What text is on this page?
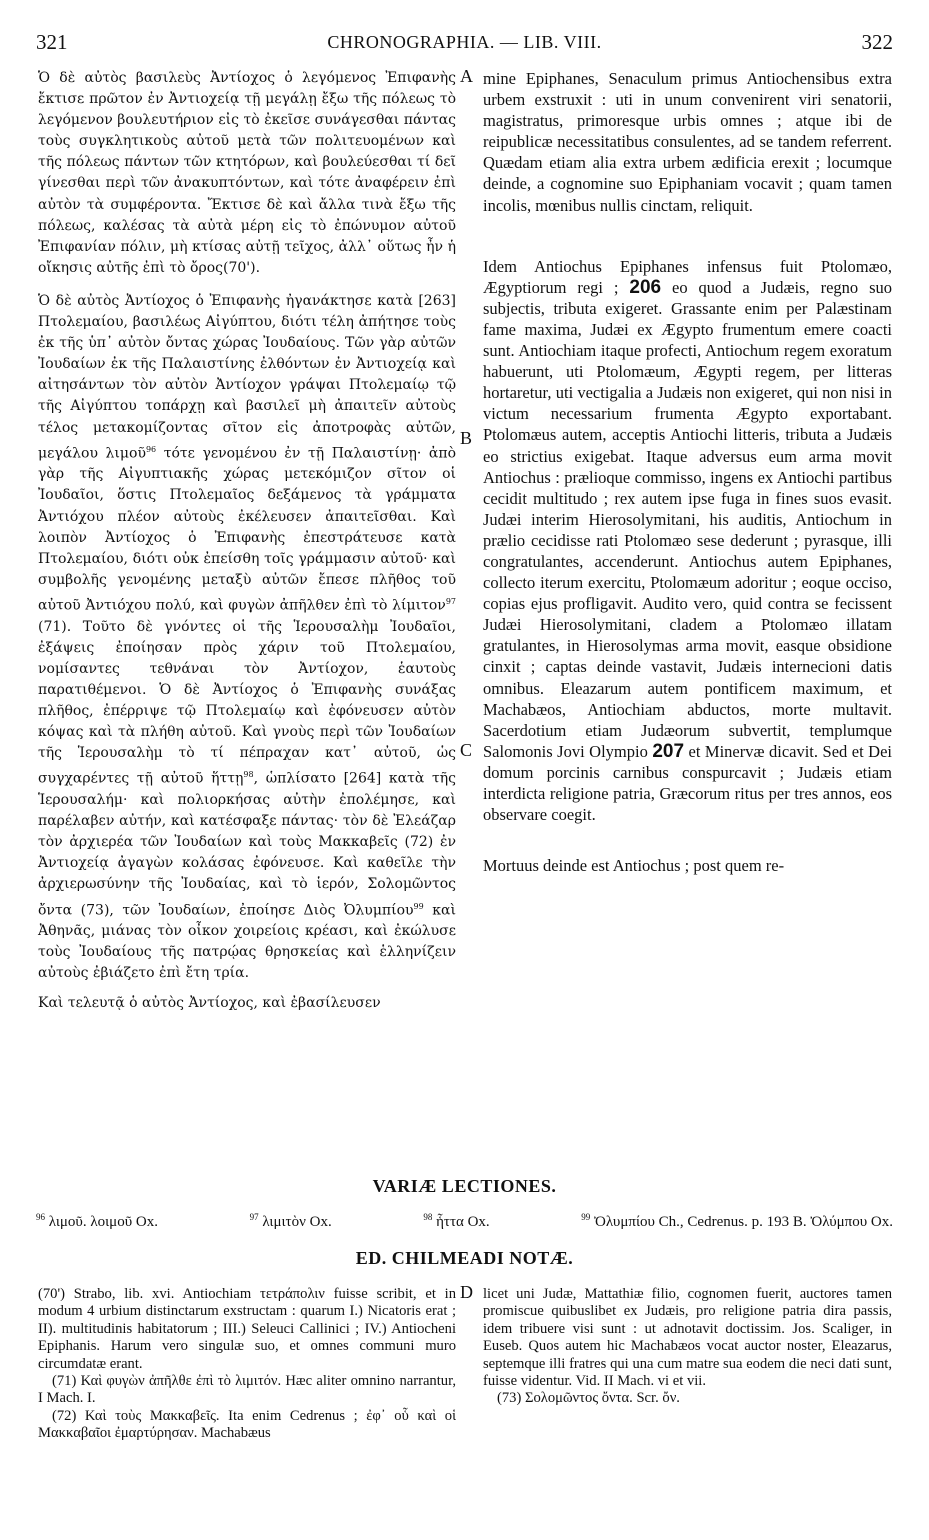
321	CHRONOGRAPHIA. — LIB. VIII.	322
A
B
C
D

Ὁ δὲ αὐτὸς βασιλεὺς Ἀντίοχος ὁ λεγόμενος Ἐπιφανὴς ἔκτισε πρῶτον ἐν Ἀντιοχείᾳ τῇ μεγάλῃ ἔξω τῆς πόλεως τὸ λεγόμενον βουλευτήριον εἰς τὸ ἐκεῖσε συνάγεσθαι πάντας τοὺς συγκλητικοὺς αὐτοῦ μετὰ τῶν πολιτευομένων καὶ τῆς πόλεως πάντων τῶν κτητόρων, καὶ βουλεύεσθαι τί δεῖ γίνεσθαι περὶ τῶν ἀνακυπτόντων, καὶ τότε ἀναφέρειν ἐπὶ αὐτὸν τὰ συμφέροντα. Ἔκτισε δὲ καὶ ἄλλα τινὰ ἔξω τῆς πόλεως, καλέσας τὰ αὐτὰ μέρη εἰς τὸ ἐπώνυμον αὐτοῦ Ἐπιφανίαν πόλιν, μὴ κτίσας αὐτῇ τεῖχος, ἀλλ᾽ οὕτως ἦν ἡ οἴκησις αὐτῆς ἐπὶ τὸ ὄρος(70').

Ὁ δὲ αὐτὸς Ἀντίοχος ὁ Ἐπιφανὴς ἠγανάκτησε κατὰ [263] Πτολεμαίου, βασιλέως Αἰγύπτου, διότι τέλη ἀπήτησε τοὺς ἐκ τῆς ὑπ᾽ αὐτὸν ὄντας χώρας Ἰουδαίους. Τῶν γὰρ αὐτῶν Ἰουδαίων ἐκ τῆς Παλαιστίνης ἐλθόντων ἐν Ἀντιοχείᾳ καὶ αἰτησάντων τὸν αὐτὸν Ἀντίοχον γράψαι Πτολεμαίῳ τῷ τῆς Αἰγύπτου τοπάρχῃ καὶ βασιλεῖ μὴ ἀπαιτεῖν αὐτοὺς τέλος μετακομίζοντας σῖτον εἰς ἀποτροφὰς αὐτῶν, μεγάλου λιμοῦ$^{96}$ τότε γενομένου ἐν τῇ Παλαιστίνῃ· ἀπὸ γὰρ τῆς Αἰγυπτιακῆς χώρας μετεκόμιζον σῖτον οἱ Ἰουδαῖοι, ὅστις Πτολεμαῖος δεξάμενος τὰ γράμματα Ἀντιόχου πλέον αὐτοὺς ἐκέλευσεν ἀπαιτεῖσθαι. Καὶ λοιπὸν Ἀντίοχος ὁ Ἐπιφανὴς ἐπεστράτευσε κατὰ Πτολεμαίου, διότι οὐκ ἐπείσθη τοῖς γράμμασιν αὐτοῦ· καὶ συμβολῆς γενομένης μεταξὺ αὐτῶν ἔπεσε πλῆθος τοῦ αὐτοῦ Ἀντιόχου πολύ, καὶ φυγὼν ἀπῆλθεν ἐπὶ τὸ λίμιτον$^{97}$ (71). Τοῦτο δὲ γνόντες οἱ τῆς Ἱερουσαλὴμ Ἰουδαῖοι, ἐξάψεις ἐποίησαν πρὸς χάριν τοῦ Πτολεμαίου, νομίσαντες τεθνάναι τὸν Ἀντίοχον, ἑαυτοὺς παρατιθέμενοι. Ὁ δὲ Ἀντίοχος ὁ Ἐπιφανὴς συνάξας πλῆθος, ἐπέρριψε τῷ Πτολεμαίῳ καὶ ἐφόνευσεν αὐτὸν κόψας καὶ τὰ πλήθη αὐτοῦ. Καὶ γνοὺς περὶ τῶν Ἰουδαίων τῆς Ἱερουσαλὴμ τὸ τί πέπραχαν κατ᾽ αὐτοῦ, ὡς συγχαρέντες τῇ αὐτοῦ ἥττῃ$^{98}$, ὡπλίσατο [264] κατὰ τῆς Ἱερουσαλήμ· καὶ πολιορκήσας αὐτὴν ἐπολέμησε, καὶ παρέλαβεν αὐτήν, καὶ κατέσφαξε πάντας· τὸν δὲ Ἐλεάζαρ τὸν ἀρχιερέα τῶν Ἰουδαίων καὶ τοὺς Μακκαβεῖς (72) ἐν Ἀντιοχείᾳ ἀγαγὼν κολάσας ἐφόνευσε. Καὶ καθεῖλε τὴν ἀρχιερωσύνην τῆς Ἰουδαίας, καὶ τὸ ἱερόν, Σολομῶντος ὄντα (73), τῶν Ἰουδαίων, ἐποίησε Διὸς Ὀλυμπίου$^{99}$ καὶ Ἀθηνᾶς, μιάνας τὸν οἶκον χοιρείοις κρέασι, καὶ ἐκώλυσε τοὺς Ἰουδαίους τῆς πατρῴας θρησκείας καὶ ἑλληνίζειν αὐτοὺς ἐβιάζετο ἐπὶ ἔτη τρία.

Καὶ τελευτᾷ ὁ αὐτὸς Ἀντίοχος, καὶ ἐβασίλευσεν

mine Epiphanes, Senaculum primus Antiochensibus extra urbem exstruxit : uti in unum convenirent viri senatorii, magistratus, primoresque urbis omnes ; atque ibi de reipublicæ necessitatibus consulentes, ad se tandem referrent. Quædam etiam alia extra urbem ædificia erexit ; locumque deinde, a cognomine suo Epiphaniam vocavit ; quam tamen incolis, mœnibus nullis cinctam, reliquit.

Idem Antiochus Epiphanes infensus fuit Ptolomæo, Ægyptiorum regi ; 206 eo quod a Judæis, regno suo subjectis, tributa exigeret. Grassante enim per Palæstinam fame maxima, Judæi ex Ægypto frumentum emere coacti sunt. Antiochiam itaque profecti, Antiochum regem exoratum habuerunt, uti Ptolomæum, Ægypti regem, per litteras hortaretur, uti vectigalia a Judæis non exigeret, qui non nisi in victum necessarium frumenta Ægypto exportabant. Ptolomæus autem, acceptis Antiochi litteris, tributa a Judæis eo strictius exigebat. Itaque adversus eum arma movit Antiochus : prælioque commisso, ingens ex Antiochi partibus cecidit multitudo ; rex autem ipse fuga in fines suos evasit. Judæi interim Hierosolymitani, his auditis, Antiochum in prælio cecidisse rati Ptolomæo sese dederunt ; pyrasque, illi congratulantes, accenderunt. Antiochus autem Epiphanes, collecto iterum exercitu, Ptolomæum adoritur ; eoque occiso, copias ejus profligavit. Audito vero, quid contra se fecissent Judæi Hierosolymitani, cladem a Ptolomæo illatam gratulantes, in Hierosolymas arma movit, easque obsidione cinxit ; captas deinde vastavit, Judæis internecioni datis omnibus. Eleazarum autem pontificem maximum, et Machabæos, Antiochiam abductos, morte multavit. Sacerdotium etiam Judæorum subvertit, templumque Salomonis Jovi Olympio 207 et Minervæ dicavit. Sed et Dei domum porcinis carnibus conspurcavit ; Judæis etiam interdicta religione patria, Græcorum ritus per tres annos, eos observare coegit.

Mortuus deinde est Antiochus ; post quem re-

VARIÆ LECTIONES.
$^{96}$ λιμοῦ. λοιμοῦ Ox.	$^{97}$ λιμιτὸν Ox.	$^{98}$ ἧττα Ox.	$^{99}$ Ὀλυμπίου Ch., Cedrenus. p. 193 B. Ὀλύμπου Ox.
ED. CHILMEADI NOTÆ.

(70') Strabo, lib. xvi. Antiochiam τετράπολιν fuisse scribit, et in modum 4 urbium distinctarum exstructam : quarum I.) Nicatoris erat ; II). multitudinis habitatorum ; III.) Seleuci Callinici ; IV.) Antiocheni Epiphanis. Harum vero singulæ suo, et omnes communi muro circumdatæ erant.

(71) Καὶ φυγὼν ἀπῆλθε ἐπὶ τὸ λιμιτόν. Hæc aliter omnino narrantur, I Mach. I.

(72) Καὶ τοὺς Μακκαβεῖς. Ita enim Cedrenus ; ἐφ᾽ οὗ καὶ οἱ Μακκαβαῖοι ἐμαρτύρησαν. Machabæus

licet uni Judæ, Mattathiæ filio, cognomen fuerit, auctores tamen promiscue quibuslibet ex Judæis, pro religione patria dira passis, idem tribuere visi sunt : ut adnotavit doctissim. Jos. Scaliger, in Euseb. Quos autem hic Machabæos vocat auctor noster, Eleazarus, septemque illi fratres qui una cum matre sua eodem die neci dati sunt, fuisse videntur. Vid. II Mach. vi et vii.

(73) Σολομῶντος ὄντα. Scr. ὄν.
